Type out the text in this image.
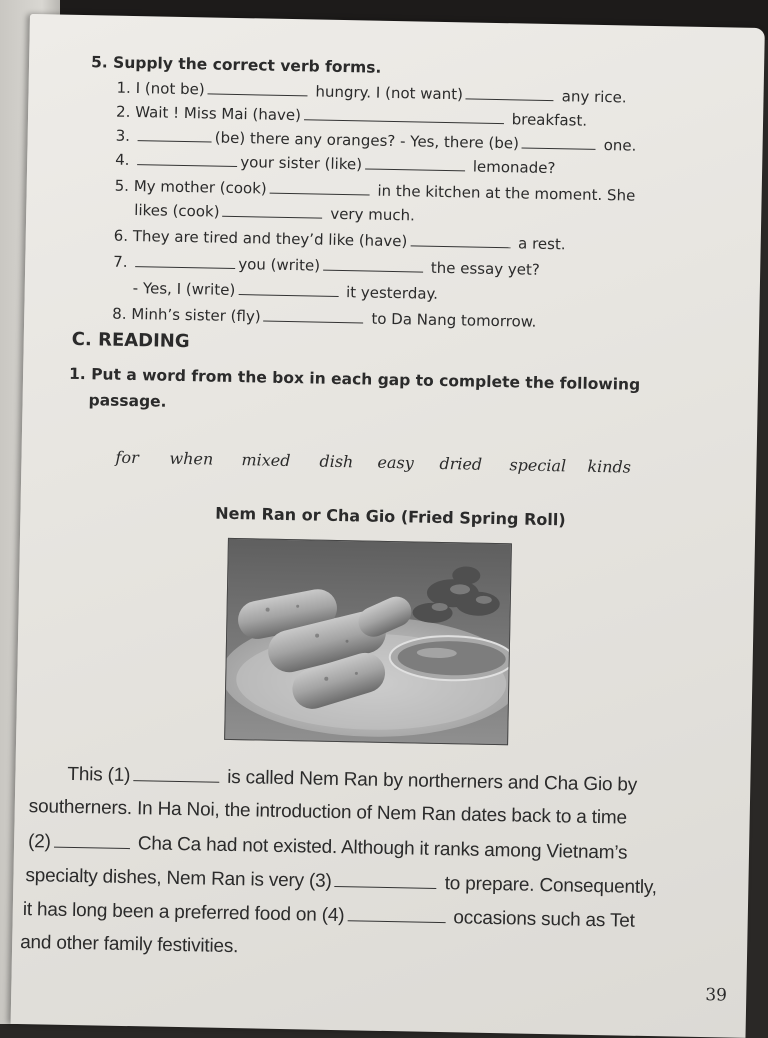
5. Supply the correct verb forms.
1. I (not be)	hungry. I (not want)	any rice.
2. Wait ! Miss Mai (have)	breakfast.
3.	(be) there any oranges? - Yes, there (be)	one.
4.	your sister (like)	lemonade?
5. My mother (cook)	in the kitchen at the moment. She
likes (cook)	very much.
6. They are tired and they’d like (have)	a rest.
7.	you (write)	the essay yet?
- Yes, I (write)	it yesterday.
8. Minh’s sister (fly)	to Da Nang tomorrow.
C. READING
1. Put a word from the box in each gap to complete the following
passage.
for when mixed dish easy dried special kinds
Nem Ran or Cha Gio (Fried Spring Roll)
This (1)	is called Nem Ran by northerners and Cha Gio by
southerners. In Ha Noi, the introduction of Nem Ran dates back to a time
(2)	Cha Ca had not existed. Although it ranks among Vietnam’s
specialty dishes, Nem Ran is very (3)	to prepare. Consequently,
it has long been a preferred food on (4)	occasions such as Tet
and other family festivities.
39
